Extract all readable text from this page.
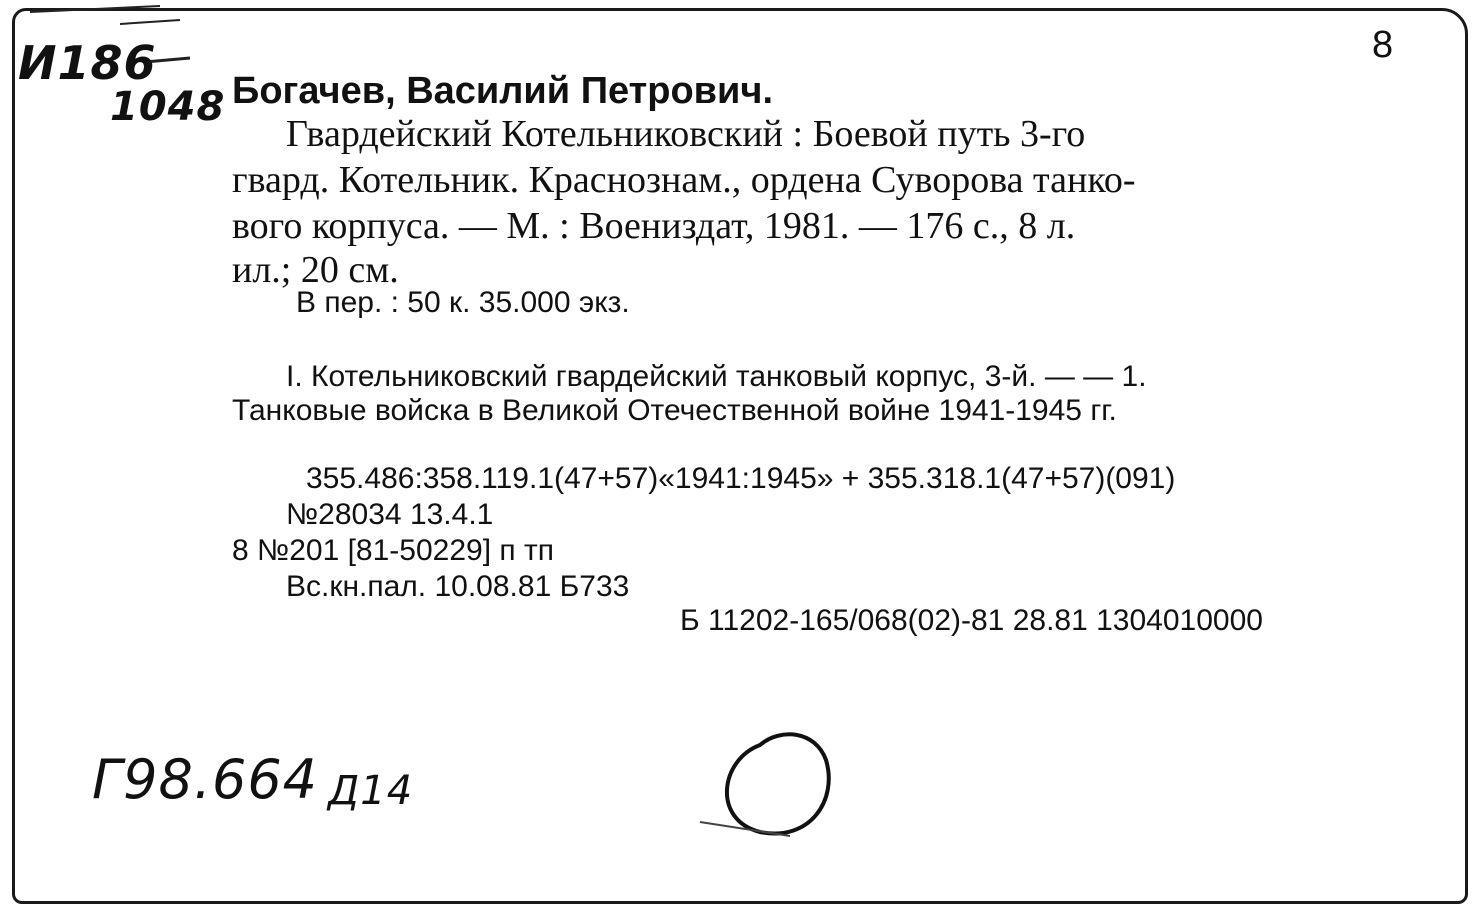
И186
1048
8
Богачев, Василий Петрович.
Гвардейский Котельниковский : Боевой путь 3-го
гвард. Котельник. Краснознам., ордена Суворова танко-
вого корпуса. — М. : Воениздат, 1981. — 176 с., 8 л.
ил.; 20 см.
В пер. : 50 к. 35.000 экз.
I. Котельниковский гвардейский танковый корпус, 3-й. — — 1.
Танковые войска в Великой Отечественной войне 1941-1945 гг.
355.486:358.119.1(47+57)«1941:1945» + 355.318.1(47+57)(091)
№28034 13.4.1
8 №201 [81-50229] п тп
Вс.кн.пал. 10.08.81 Б733
Б 11202-165/068(02)-81 28.81 1304010000
Г98.664 Д14
